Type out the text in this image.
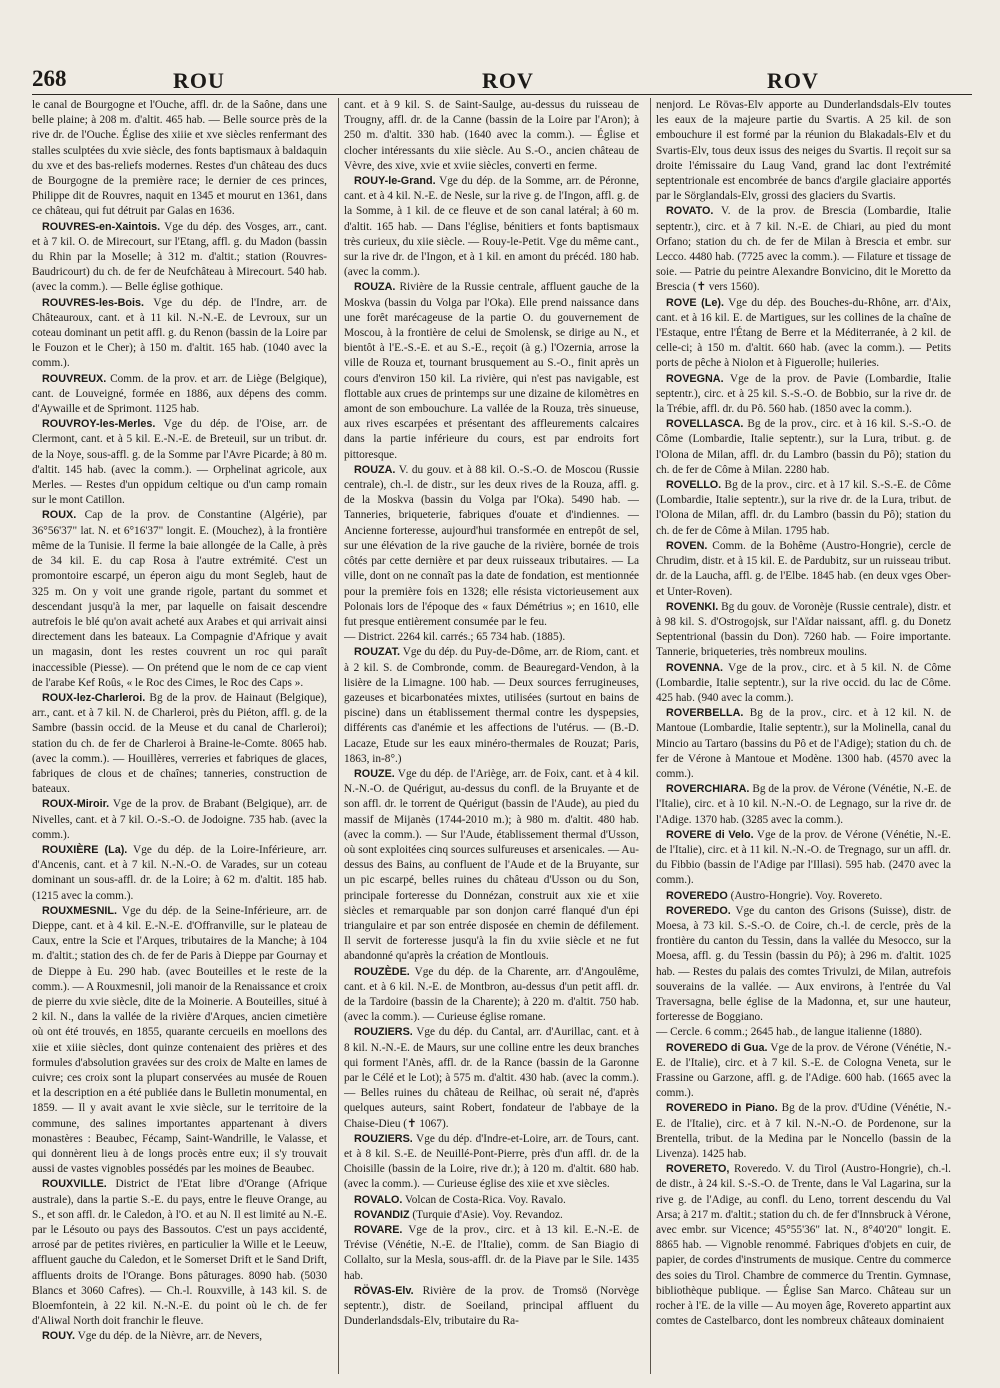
268	ROU	ROV	ROV

le canal de Bourgogne et l'Ouche, affl. dr. de la Saône, dans une belle plaine; à 208 m. d'altit. 465 hab. — Belle source près de la rive dr. de l'Ouche. Église des xiiie et xve siècles renfermant des stalles sculptées du xvie siècle, des fonts baptismaux à baldaquin du xve et des bas-reliefs modernes. Restes d'un château des ducs de Bourgogne de la première race; le dernier de ces princes, Philippe dit de Rouvres, naquit en 1345 et mourut en 1361, dans ce château, qui fut détruit par Galas en 1636.

ROUVRES-en-Xaintois. Vge du dép. des Vosges, arr., cant. et à 7 kil. O. de Mirecourt, sur l'Etang, affl. g. du Madon (bassin du Rhin par la Moselle; à 312 m. d'altit.; station (Rouvres-Baudricourt) du ch. de fer de Neufchâteau à Mirecourt. 540 hab. (avec la comm.). — Belle église gothique.

ROUVRES-les-Bois. Vge du dép. de l'Indre, arr. de Châteauroux, cant. et à 11 kil. N.-N.-E. de Levroux, sur un coteau dominant un petit affl. g. du Renon (bassin de la Loire par le Fouzon et le Cher); à 150 m. d'altit. 165 hab. (1040 avec la comm.).

ROUVREUX. Comm. de la prov. et arr. de Liège (Belgique), cant. de Louveigné, formée en 1886, aux dépens des comm. d'Aywaille et de Sprimont. 1125 hab.

ROUVROY-les-Merles. Vge du dép. de l'Oise, arr. de Clermont, cant. et à 5 kil. E.-N.-E. de Breteuil, sur un tribut. dr. de la Noye, sous-affl. g. de la Somme par l'Avre Picarde; à 80 m. d'altit. 145 hab. (avec la comm.). — Orphelinat agricole, aux Merles. — Restes d'un oppidum celtique ou d'un camp romain sur le mont Catillon.

ROUX. Cap de la prov. de Constantine (Algérie), par 36°56'37" lat. N. et 6°16'37" longit. E. (Mouchez), à la frontière même de la Tunisie. Il ferme la baie allongée de la Calle, à près de 34 kil. E. du cap Rosa à l'autre extrémité. C'est un promontoire escarpé, un éperon aigu du mont Segleb, haut de 325 m. On y voit une grande rigole, partant du sommet et descendant jusqu'à la mer, par laquelle on faisait descendre autrefois le blé qu'on avait acheté aux Arabes et qui arrivait ainsi directement dans les bateaux. La Compagnie d'Afrique y avait un magasin, dont les restes couvrent un roc qui paraît inaccessible (Piesse). — On prétend que le nom de ce cap vient de l'arabe Kef Roûs, « le Roc des Cimes, le Roc des Caps ».

ROUX-lez-Charleroi. Bg de la prov. de Hainaut (Belgique), arr., cant. et à 7 kil. N. de Charleroi, près du Piéton, affl. g. de la Sambre (bassin occid. de la Meuse et du canal de Charleroi); station du ch. de fer de Charleroi à Braine-le-Comte. 8065 hab. (avec la comm.). — Houillères, verreries et fabriques de glaces, fabriques de clous et de chaînes; tanneries, construction de bateaux.

ROUX-Miroir. Vge de la prov. de Brabant (Belgique), arr. de Nivelles, cant. et à 7 kil. O.-S.-O. de Jodoigne. 735 hab. (avec la comm.).

ROUXIÈRE (La). Vge du dép. de la Loire-Inférieure, arr. d'Ancenis, cant. et à 7 kil. N.-N.-O. de Varades, sur un coteau dominant un sous-affl. dr. de la Loire; à 62 m. d'altit. 185 hab. (1215 avec la comm.).

ROUXMESNIL. Vge du dép. de la Seine-Inférieure, arr. de Dieppe, cant. et à 4 kil. E.-N.-E. d'Offranville, sur le plateau de Caux, entre la Scie et l'Arques, tributaires de la Manche; à 104 m. d'altit.; station des ch. de fer de Paris à Dieppe par Gournay et de Dieppe à Eu. 290 hab. (avec Bouteilles et le reste de la comm.). — A Rouxmesnil, joli manoir de la Renaissance et croix de pierre du xvie siècle, dite de la Moinerie. A Bouteilles, situé à 2 kil. N., dans la vallée de la rivière d'Arques, ancien cimetière où ont été trouvés, en 1855, quarante cercueils en moellons des xiie et xiiie siècles, dont quinze contenaient des prières et des formules d'absolution gravées sur des croix de Malte en lames de cuivre; ces croix sont la plupart conservées au musée de Rouen et la description en a été publiée dans le Bulletin monumental, en 1859. — Il y avait avant le xvie siècle, sur le territoire de la commune, des salines importantes appartenant à divers monastères : Beaubec, Fécamp, Saint-Wandrille, le Valasse, et qui donnèrent lieu à de longs procès entre eux; il s'y trouvait aussi de vastes vignobles possédés par les moines de Beaubec.

ROUXVILLE. District de l'Etat libre d'Orange (Afrique australe), dans la partie S.-E. du pays, entre le fleuve Orange, au S., et son affl. dr. le Caledon, à l'O. et au N. Il est limité au N.-E. par le Lésouto ou pays des Bassoutos. C'est un pays accidenté, arrosé par de petites rivières, en particulier la Wille et le Leeuw, affluent gauche du Caledon, et le Somerset Drift et le Sand Drift, affluents droits de l'Orange. Bons pâturages. 8090 hab. (5030 Blancs et 3060 Cafres). — Ch.-l. Rouxville, à 143 kil. S. de Bloemfontein, à 22 kil. N.-N.-E. du point où le ch. de fer d'Aliwal North doit franchir le fleuve.

ROUY. Vge du dép. de la Nièvre, arr. de Nevers,

cant. et à 9 kil. S. de Saint-Saulge, au-dessus du ruisseau de Trougny, affl. dr. de la Canne (bassin de la Loire par l'Aron); à 250 m. d'altit. 330 hab. (1640 avec la comm.). — Église et clocher intéressants du xiie siècle. Au S.-O., ancien château de Vèvre, des xive, xvie et xviie siècles, converti en ferme.

ROUY-le-Grand. Vge du dép. de la Somme, arr. de Péronne, cant. et à 4 kil. N.-E. de Nesle, sur la rive g. de l'Ingon, affl. g. de la Somme, à 1 kil. de ce fleuve et de son canal latéral; à 60 m. d'altit. 165 hab. — Dans l'église, bénitiers et fonts baptismaux très curieux, du xiie siècle. — Rouy-le-Petit. Vge du même cant., sur la rive dr. de l'Ingon, et à 1 kil. en amont du précéd. 180 hab. (avec la comm.).

ROUZA. Rivière de la Russie centrale, affluent gauche de la Moskva (bassin du Volga par l'Oka). Elle prend naissance dans une forêt marécageuse de la partie O. du gouvernement de Moscou, à la frontière de celui de Smolensk, se dirige au N., et bientôt à l'E.-S.-E. et au S.-E., reçoit (à g.) l'Ozernia, arrose la ville de Rouza et, tournant brusquement au S.-O., finit après un cours d'environ 150 kil. La rivière, qui n'est pas navigable, est flottable aux crues de printemps sur une dizaine de kilomètres en amont de son embouchure. La vallée de la Rouza, très sinueuse, aux rives escarpées et présentant des affleurements calcaires dans la partie inférieure du cours, est par endroits fort pittoresque.

ROUZA. V. du gouv. et à 88 kil. O.-S.-O. de Moscou (Russie centrale), ch.-l. de distr., sur les deux rives de la Rouza, affl. g. de la Moskva (bassin du Volga par l'Oka). 5490 hab. — Tanneries, briqueterie, fabriques d'ouate et d'indiennes. — Ancienne forteresse, aujourd'hui transformée en entrepôt de sel, sur une élévation de la rive gauche de la rivière, bornée de trois côtés par cette dernière et par deux ruisseaux tributaires. — La ville, dont on ne connaît pas la date de fondation, est mentionnée pour la première fois en 1328; elle résista victorieusement aux Polonais lors de l'époque des « faux Démétrius »; en 1610, elle fut presque entièrement consumée par le feu.

— District. 2264 kil. carrés.; 65 734 hab. (1885).

ROUZAT. Vge du dép. du Puy-de-Dôme, arr. de Riom, cant. et à 2 kil. S. de Combronde, comm. de Beauregard-Vendon, à la lisière de la Limagne. 100 hab. — Deux sources ferrugineuses, gazeuses et bicarbonatées mixtes, utilisées (surtout en bains de piscine) dans un établissement thermal contre les dyspepsies, différents cas d'anémie et les affections de l'utérus. — (B.-D. Lacaze, Etude sur les eaux minéro-thermales de Rouzat; Paris, 1863, in-8°.)

ROUZE. Vge du dép. de l'Ariège, arr. de Foix, cant. et à 4 kil. N.-N.-O. de Quérigut, au-dessus du confl. de la Bruyante et de son affl. dr. le torrent de Quérigut (bassin de l'Aude), au pied du massif de Mijanès (1744-2010 m.); à 980 m. d'altit. 480 hab. (avec la comm.). — Sur l'Aude, établissement thermal d'Usson, où sont exploitées cinq sources sulfureuses et arsenicales. — Au-dessus des Bains, au confluent de l'Aude et de la Bruyante, sur un pic escarpé, belles ruines du château d'Usson ou du Son, principale forteresse du Donnézan, construit aux xie et xiie siècles et remarquable par son donjon carré flanqué d'un épi triangulaire et par son entrée disposée en chemin de défilement. Il servit de forteresse jusqu'à la fin du xviie siècle et ne fut abandonné qu'après la création de Montlouis.

ROUZÈDE. Vge du dép. de la Charente, arr. d'Angoulême, cant. et à 6 kil. N.-E. de Montbron, au-dessus d'un petit affl. dr. de la Tardoire (bassin de la Charente); à 220 m. d'altit. 750 hab. (avec la comm.). — Curieuse église romane.

ROUZIERS. Vge du dép. du Cantal, arr. d'Aurillac, cant. et à 8 kil. N.-N.-E. de Maurs, sur une colline entre les deux branches qui forment l'Anès, affl. dr. de la Rance (bassin de la Garonne par le Célé et le Lot); à 575 m. d'altit. 430 hab. (avec la comm.). — Belles ruines du château de Reilhac, où serait né, d'après quelques auteurs, saint Robert, fondateur de l'abbaye de la Chaise-Dieu (✝ 1067).

ROUZIERS. Vge du dép. d'Indre-et-Loire, arr. de Tours, cant. et à 8 kil. S.-E. de Neuillé-Pont-Pierre, près d'un affl. dr. de la Choisille (bassin de la Loire, rive dr.); à 120 m. d'altit. 680 hab. (avec la comm.). — Curieuse église des xiie et xve siècles.

ROVALO. Volcan de Costa-Rica. Voy. Ravalo.

ROVANDIZ (Turquie d'Asie). Voy. Revandoz.

ROVARE. Vge de la prov., circ. et à 13 kil. E.-N.-E. de Trévise (Vénétie, N.-E. de l'Italie), comm. de San Biagio di Collalto, sur la Mesla, sous-affl. dr. de la Piave par le Sile. 1435 hab.

RÖVAS-Elv. Rivière de la prov. de Tromsö (Norvège septentr.), distr. de Soeiland, principal affluent du Dunderlandsdals-Elv, tributaire du Ra-

nenjord. Le Rövas-Elv apporte au Dunderlandsdals-Elv toutes les eaux de la majeure partie du Svartis. A 25 kil. de son embouchure il est formé par la réunion du Blakadals-Elv et du Svartis-Elv, tous deux issus des neiges du Svartis. Il reçoit sur sa droite l'émissaire du Laug Vand, grand lac dont l'extrémité septentrionale est encombrée de bancs d'argile glaciaire apportés par le Sörglandals-Elv, grossi des glaciers du Svartis.

ROVATO. V. de la prov. de Brescia (Lombardie, Italie septentr.), circ. et à 7 kil. N.-E. de Chiari, au pied du mont Orfano; station du ch. de fer de Milan à Brescia et embr. sur Lecco. 4480 hab. (7725 avec la comm.). — Filature et tissage de soie. — Patrie du peintre Alexandre Bonvicino, dit le Moretto da Brescia (✝ vers 1560).

ROVE (Le). Vge du dép. des Bouches-du-Rhône, arr. d'Aix, cant. et à 16 kil. E. de Martigues, sur les collines de la chaîne de l'Estaque, entre l'Étang de Berre et la Méditerranée, à 2 kil. de celle-ci; à 150 m. d'altit. 660 hab. (avec la comm.). — Petits ports de pêche à Niolon et à Figuerolle; huileries.

ROVEGNA. Vge de la prov. de Pavie (Lombardie, Italie septentr.), circ. et à 25 kil. S.-S.-O. de Bobbio, sur la rive dr. de la Trébie, affl. dr. du Pô. 560 hab. (1850 avec la comm.).

ROVELLASCA. Bg de la prov., circ. et à 16 kil. S.-S.-O. de Côme (Lombardie, Italie septentr.), sur la Lura, tribut. g. de l'Olona de Milan, affl. dr. du Lambro (bassin du Pô); station du ch. de fer de Côme à Milan. 2280 hab.

ROVELLO. Bg de la prov., circ. et à 17 kil. S.-S.-E. de Côme (Lombardie, Italie septentr.), sur la rive dr. de la Lura, tribut. de l'Olona de Milan, affl. dr. du Lambro (bassin du Pô); station du ch. de fer de Côme à Milan. 1795 hab.

ROVEN. Comm. de la Bohême (Austro-Hongrie), cercle de Chrudim, distr. et à 15 kil. E. de Pardubitz, sur un ruisseau tribut. dr. de la Laucha, affl. g. de l'Elbe. 1845 hab. (en deux vges Ober- et Unter-Roven).

ROVENKI. Bg du gouv. de Voronèje (Russie centrale), distr. et à 98 kil. S. d'Ostrogojsk, sur l'Aïdar naissant, affl. g. du Donetz Septentrional (bassin du Don). 7260 hab. — Foire importante. Tannerie, briqueteries, très nombreux moulins.

ROVENNA. Vge de la prov., circ. et à 5 kil. N. de Côme (Lombardie, Italie septentr.), sur la rive occid. du lac de Côme. 425 hab. (940 avec la comm.).

ROVERBELLA. Bg de la prov., circ. et à 12 kil. N. de Mantoue (Lombardie, Italie septentr.), sur la Molinella, canal du Mincio au Tartaro (bassins du Pô et de l'Adige); station du ch. de fer de Vérone à Mantoue et Modène. 1300 hab. (4570 avec la comm.).

ROVERCHIARA. Bg de la prov. de Vérone (Vénétie, N.-E. de l'Italie), circ. et à 10 kil. N.-N.-O. de Legnago, sur la rive dr. de l'Adige. 1370 hab. (3285 avec la comm.).

ROVERE di Velo. Vge de la prov. de Vérone (Vénétie, N.-E. de l'Italie), circ. et à 11 kil. N.-N.-O. de Tregnago, sur un affl. dr. du Fibbio (bassin de l'Adige par l'Illasi). 595 hab. (2470 avec la comm.).

ROVEREDO (Austro-Hongrie). Voy. Rovereto.

ROVEREDO. Vge du canton des Grisons (Suisse), distr. de Moesa, à 73 kil. S.-S.-O. de Coire, ch.-l. de cercle, près de la frontière du canton du Tessin, dans la vallée du Mesocco, sur la Moesa, affl. g. du Tessin (bassin du Pô); à 296 m. d'altit. 1025 hab. — Restes du palais des comtes Trivulzi, de Milan, autrefois souverains de la vallée. — Aux environs, à l'entrée du Val Traversagna, belle église de la Madonna, et, sur une hauteur, forteresse de Boggiano.

— Cercle. 6 comm.; 2645 hab., de langue italienne (1880).

ROVEREDO di Gua. Vge de la prov. de Vérone (Vénétie, N.-E. de l'Italie), circ. et à 7 kil. S.-E. de Cologna Veneta, sur le Frassine ou Garzone, affl. g. de l'Adige. 600 hab. (1665 avec la comm.).

ROVEREDO in Piano. Bg de la prov. d'Udine (Vénétie, N.-E. de l'Italie), circ. et à 7 kil. N.-N.-O. de Pordenone, sur la Brentella, tribut. de la Medina par le Noncello (bassin de la Livenza). 1425 hab.

ROVERETO, Roveredo. V. du Tirol (Austro-Hongrie), ch.-l. de distr., à 24 kil. S.-S.-O. de Trente, dans le Val Lagarina, sur la rive g. de l'Adige, au confl. du Leno, torrent descendu du Val Arsa; à 217 m. d'altit.; station du ch. de fer d'Innsbruck à Vérone, avec embr. sur Vicence; 45°55'36" lat. N., 8°40'20" longit. E. 8865 hab. — Vignoble renommé. Fabriques d'objets en cuir, de papier, de cordes d'instruments de musique. Centre du commerce des soies du Tirol. Chambre de commerce du Trentin. Gymnase, bibliothèque publique. — Église San Marco. Château sur un rocher à l'E. de la ville — Au moyen âge, Rovereto appartint aux comtes de Castelbarco, dont les nombreux châteaux dominaient
